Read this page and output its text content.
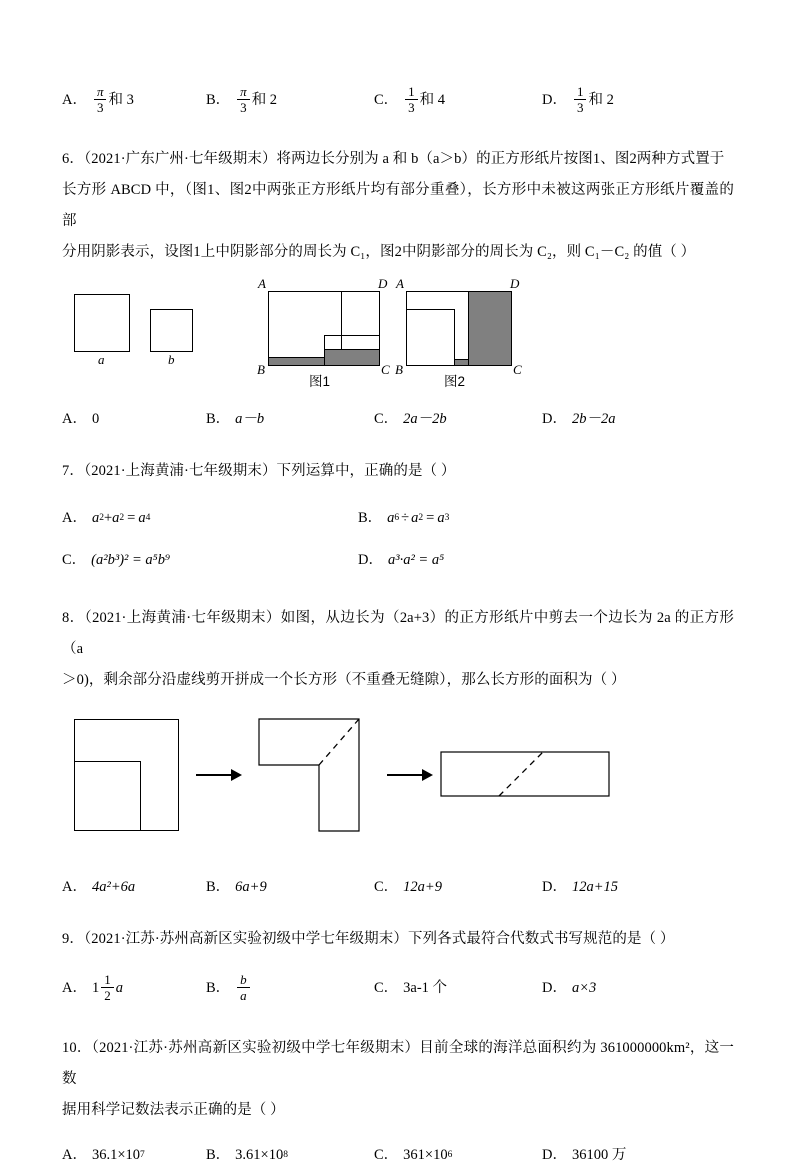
A． $\frac{\pi}{3}$ 和 3	B． $\frac{\pi}{3}$ 和 2	C． $\frac{1}{3}$ 和 4	D． $\frac{1}{3}$ 和 2
6．（2021·广东广州·七年级期末）将两边长分别为 a 和 b（a＞b）的正方形纸片按图1、图2两种方式置于
长方形 ABCD 中，（图1、图2中两张正方形纸片均有部分重叠），长方形中未被这两张正方形纸片覆盖的部
分用阴影表示，设图1上中阴影部分的周长为 C₁，图2中阴影部分的周长为 C₂，则 C₁－C₂ 的值（ ）
a	b
A	D
B	C
图1
A	D
B	C
图2
A． 0	B． a－b	C． 2a－2b	D． 2b－2a
7．（2021·上海黄浦·七年级期末）下列运算中，正确的是（ ）
A． a 2 + a 2 = a 4	B． a 6 ÷ a 2 = a 3
C． (a²b³)² = a⁵b⁹	D． a³·a² = a⁵
8．（2021·上海黄浦·七年级期末）如图，从边长为（2a+3）的正方形纸片中剪去一个边长为 2a 的正方形（a
＞0)，剩余部分沿虚线剪开拼成一个长方形（不重叠无缝隙），那么长方形的面积为（ ）
A． 4a²+6a	B． 6a+9	C． 12a+9	D． 12a+15
9．（2021·江苏·苏州高新区实验初级中学七年级期末）下列各式最符合代数式书写规范的是（ ）
A． $1 \frac{1}{2}$ a	B． $\frac{b}{a}$	C． 3a-1 个	D． a×3
10．（2021·江苏·苏州高新区实验初级中学七年级期末）目前全球的海洋总面积约为 361000000km²，这一数
据用科学记数法表示正确的是（ ）
A． 36.1×10 7	B． 3.61×10 8	C． 361×10 6	D． 36100 万
